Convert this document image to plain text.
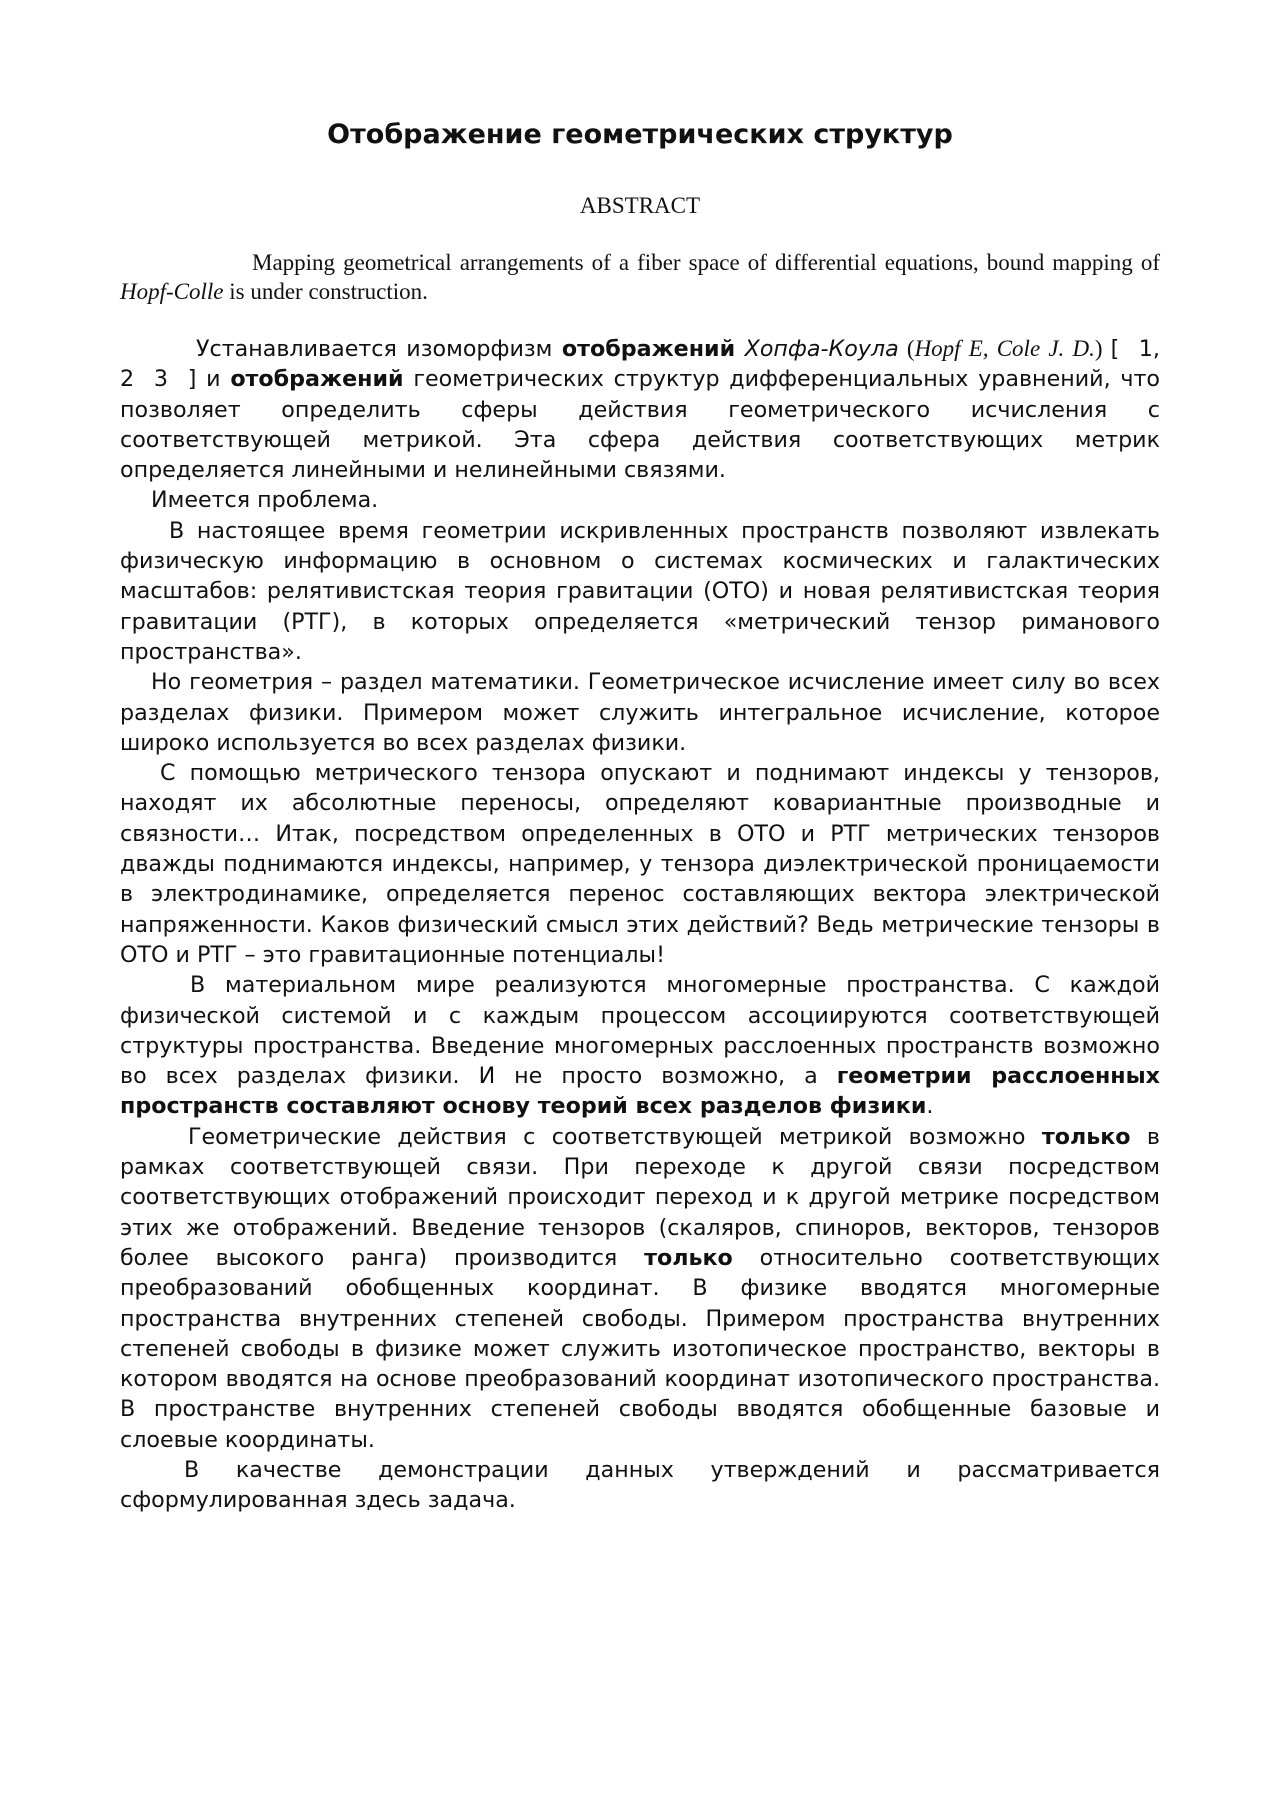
Отображение геометрических структур

ABSTRACT

Mapping geometrical arrangements of a fiber space of differential equations, bound mapping of Hopf-Colle is under construction.

Устанавливается изоморфизм отображений Хопфа-Коула (Hopf E, Cole J. D.) [ 1, 2 3 ] и отображений геометрических структур дифференциальных уравнений, что позволяет определить сферы действия геометрического исчисления с соответствующей метрикой. Эта сфера действия соответствующих метрик определяется линейными и нелинейными связями.

Имеется проблема.

В настоящее время геометрии искривленных пространств позволяют извлекать физическую информацию в основном о системах космических и галактических масштабов: релятивистская теория гравитации (ОТО) и новая релятивистская теория гравитации (РТГ), в которых определяется «метрический тензор риманового пространства».

Но геометрия – раздел математики. Геометрическое исчисление имеет силу во всех разделах физики. Примером может служить интегральное исчисление, которое широко используется во всех разделах физики.

С помощью метрического тензора опускают и поднимают индексы у тензоров, находят их абсолютные переносы, определяют ковариантные производные и связности… Итак, посредством определенных в ОТО и РТГ метрических тензоров дважды поднимаются индексы, например, у тензора диэлектрической проницаемости в электродинамике, определяется перенос составляющих вектора электрической напряженности. Каков физический смысл этих действий? Ведь метрические тензоры в ОТО и РТГ – это гравитационные потенциалы!

В материальном мире реализуются многомерные пространства. С каждой физической системой и с каждым процессом ассоциируются соответствующей структуры пространства. Введение многомерных расслоенных пространств возможно во всех разделах физики. И не просто возможно, а геометрии расслоенных пространств составляют основу теорий всех разделов физики.

Геометрические действия с соответствующей метрикой возможно только в рамках соответствующей связи. При переходе к другой связи посредством соответствующих отображений происходит переход и к другой метрике посредством этих же отображений. Введение тензоров (скаляров, спиноров, векторов, тензоров более высокого ранга) производится только относительно соответствующих преобразований обобщенных координат. В физике вводятся многомерные пространства внутренних степеней свободы. Примером пространства внутренних степеней свободы в физике может служить изотопическое пространство, векторы в котором вводятся на основе преобразований координат изотопического пространства. В пространстве внутренних степеней свободы вводятся обобщенные базовые и слоевые координаты.

В качестве демонстрации данных утверждений и рассматривается сформулированная здесь задача.
